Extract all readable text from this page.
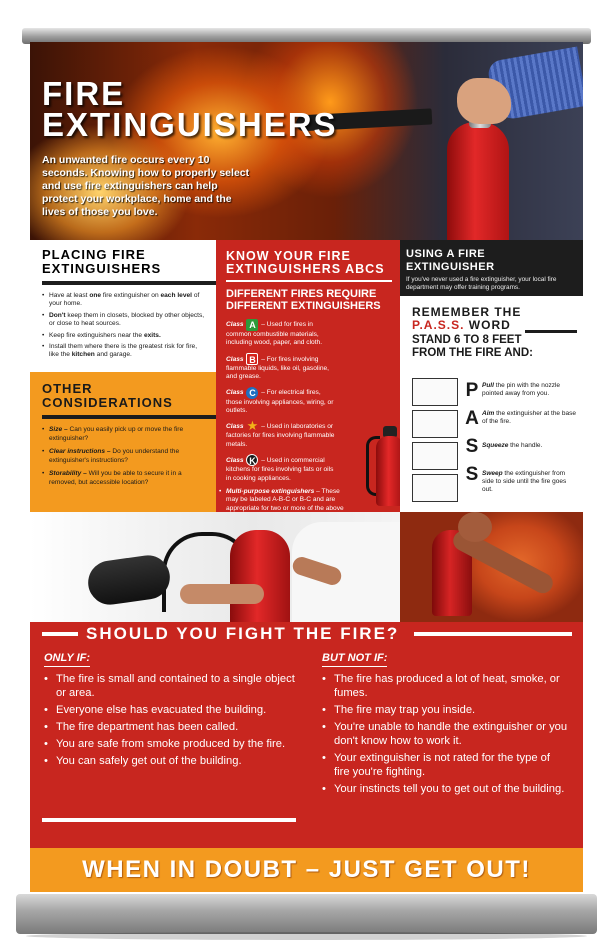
FIRE
EXTINGUISHERS
An unwanted fire occurs every 10 seconds. Knowing how to properly select and use fire extinguishers can help protect your workplace, home and the lives of those you love.
PLACING FIRE
EXTINGUISHERS
• Have at least one fire extinguisher on each level of your home.
• Don't keep them in closets, blocked by other objects, or close to heat sources.
• Keep fire extinguishers near the exits.
• Install them where there is the greatest risk for fire, like the kitchen and garage.
OTHER
CONSIDERATIONS
• Size – Can you easily pick up or move the fire extinguisher?
• Clear instructions – Do you understand the extinguisher's instructions?
• Storability – Will you be able to secure it in a removed, but accessible location?
KNOW YOUR FIRE
EXTINGUISHERS ABCS
DIFFERENT FIRES REQUIRE DIFFERENT EXTINGUISHERS
Class A – Used for fires in common combustible materials, including wood, paper, and cloth.
Class B – For fires involving flammable liquids, like oil, gasoline, and grease.
Class C – For electrical fires, those involving appliances, wiring, or outlets.
Class ★ – Used in laboratories or factories for fires involving flammable metals.
Class K – Used in commercial kitchens for fires involving fats or oils in cooking appliances.
• Multi-purpose extinguishers – These may be labeled A-B-C or B-C and are appropriate for two or more of the above
USING A FIRE EXTINGUISHER
If you've never used a fire extinguisher, your local fire department may offer training programs.
REMEMBER THE
P.A.S.S. WORD
STAND 6 TO 8 FEET
FROM THE FIRE AND:
P Pull the pin with the nozzle pointed away from you.
A Aim the extinguisher at the base of the fire.
S Squeeze the handle.
S Sweep the extinguisher from side to side until the fire goes out.
SHOULD YOU FIGHT THE FIRE?
ONLY IF:
• The fire is small and contained to a single object or area.
• Everyone else has evacuated the building.
• The fire department has been called.
• You are safe from smoke produced by the fire.
• You can safely get out of the building.
BUT NOT IF:
• The fire has produced a lot of heat, smoke, or fumes.
• The fire may trap you inside.
• You're unable to handle the extinguisher or you don't know how to work it.
• Your extinguisher is not rated for the type of fire you're fighting.
• Your instincts tell you to get out of the building.
WHEN IN DOUBT – JUST GET OUT!
